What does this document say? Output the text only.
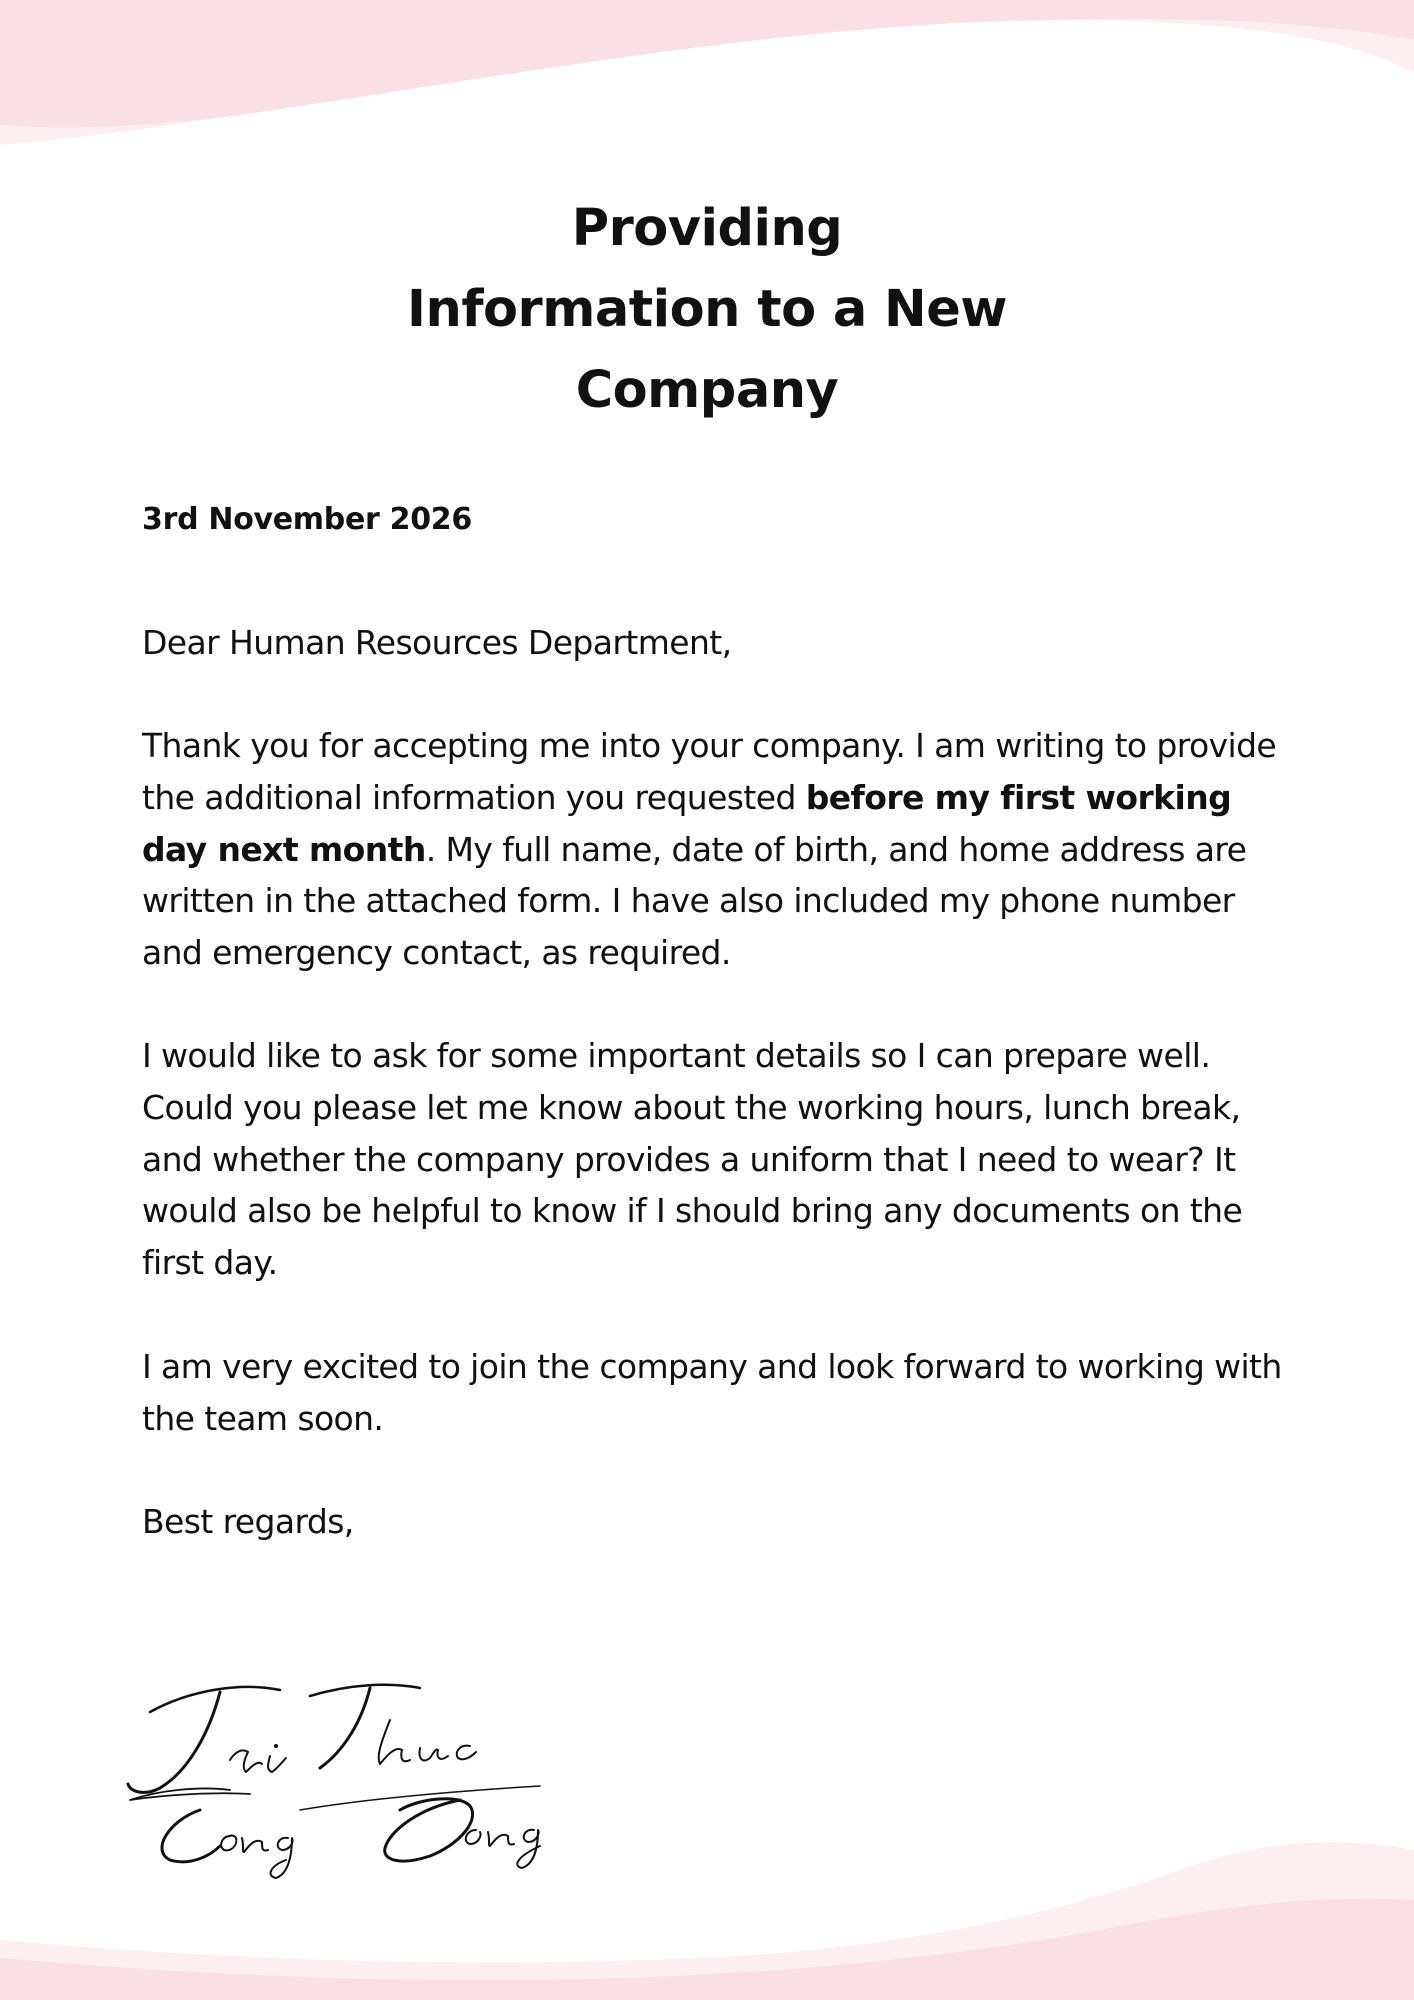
Providing
Information to a New
Company

3rd November 2026

Dear Human Resources Department,

Thank you for accepting me into your company. I am writing to provide the additional information you requested before my first working day next month. My full name, date of birth, and home address are written in the attached form. I have also included my phone number and emergency contact, as required.

I would like to ask for some important details so I can prepare well. Could you please let me know about the working hours, lunch break, and whether the company provides a uniform that I need to wear? It would also be helpful to know if I should bring any documents on the first day.

I am very excited to join the company and look forward to working with the team soon.

Best regards,
